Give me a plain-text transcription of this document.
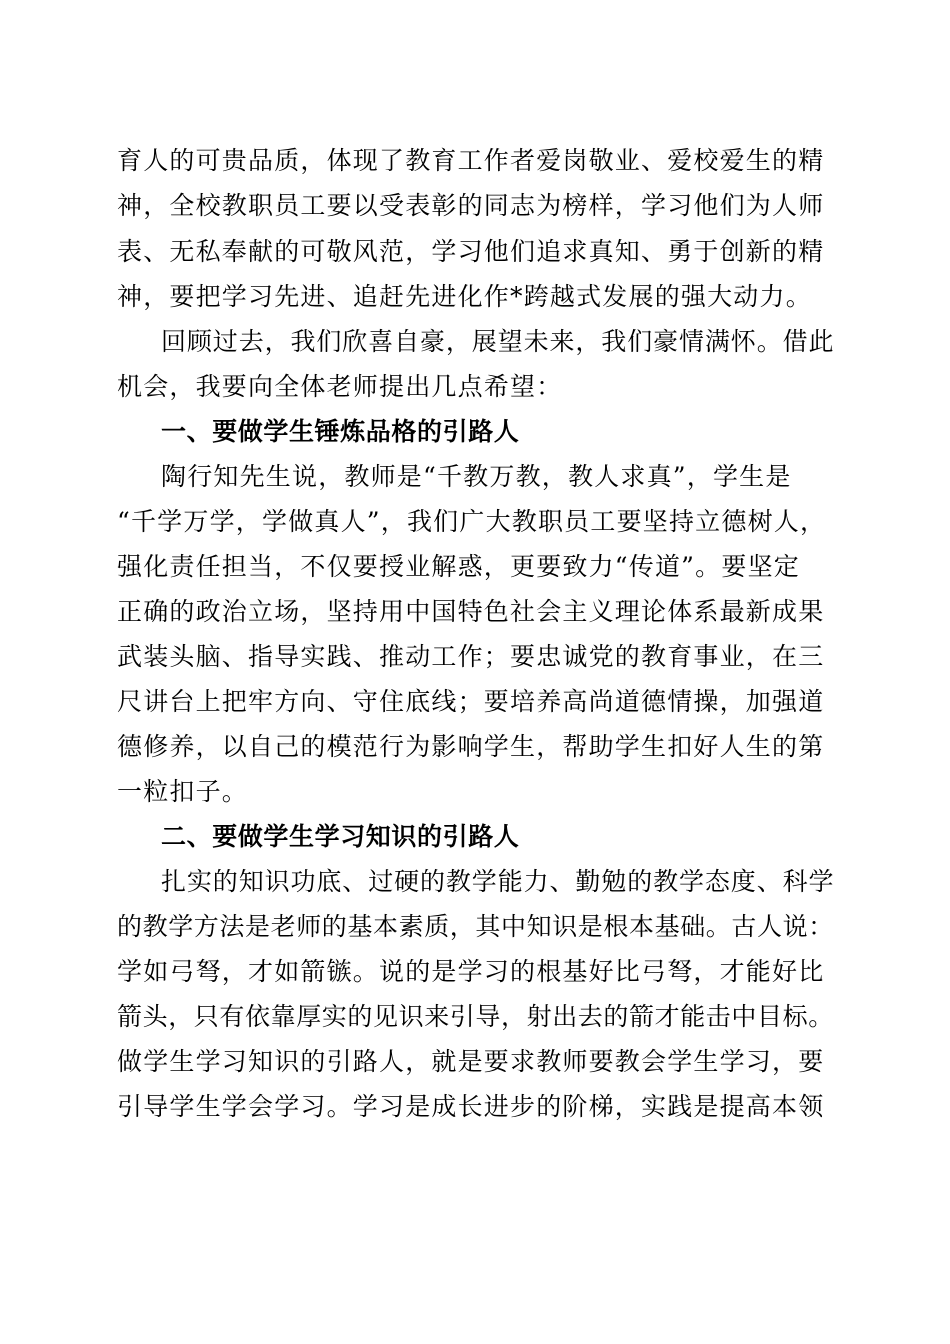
育人的可贵品质，体现了教育工作者爱岗敬业、爱校爱生的精
神，全校教职员工要以受表彰的同志为榜样，学习他们为人师
表、无私奉献的可敬风范，学习他们追求真知、勇于创新的精
神，要把学习先进、追赶先进化作*跨越式发展的强大动力。
回顾过去，我们欣喜自豪，展望未来，我们豪情满怀。借此
机会，我要向全体老师提出几点希望：
一、要做学生锤炼品格的引路人
陶行知先生说，教师是“千教万教，教人求真”，学生是
“千学万学，学做真人”，我们广大教职员工要坚持立德树人，
强化责任担当，不仅要授业解惑，更要致力“传道”。要坚定
正确的政治立场，坚持用中国特色社会主义理论体系最新成果
武装头脑、指导实践、推动工作；要忠诚党的教育事业，在三
尺讲台上把牢方向、守住底线；要培养高尚道德情操，加强道
德修养，以自己的模范行为影响学生，帮助学生扣好人生的第
一粒扣子。
二、要做学生学习知识的引路人
扎实的知识功底、过硬的教学能力、勤勉的教学态度、科学
的教学方法是老师的基本素质，其中知识是根本基础。古人说：
学如弓弩，才如箭镞。说的是学习的根基好比弓弩，才能好比
箭头，只有依靠厚实的见识来引导，射出去的箭才能击中目标。
做学生学习知识的引路人，就是要求教师要教会学生学习，要
引导学生学会学习。学习是成长进步的阶梯，实践是提高本领
